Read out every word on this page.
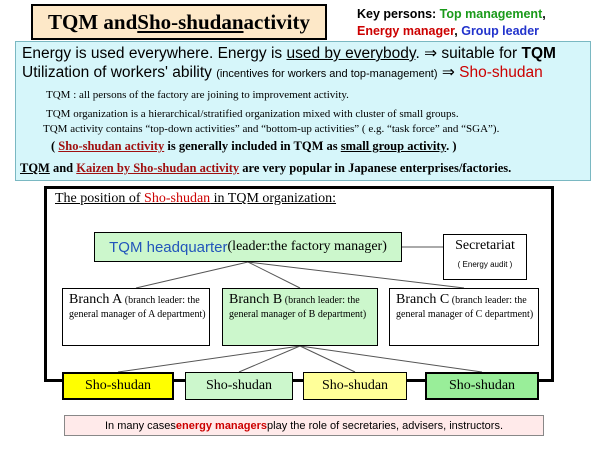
TQM and Sho-shudan activity	Key persons: Top management,
Energy manager, Group leader
Energy is used everywhere. Energy is used by everybody. ⇒ suitable for TQM
Utilization of workers' ability (incentives for workers and top-management) ⇒ Sho-shudan
TQM : all persons of the factory are joining to improvement activity.
TQM organization is a hierarchical/stratified organization mixed with cluster of small groups.
TQM activity contains “top-down activities” and “bottom-up activities” ( e.g. “task force” and “SGA”).
( Sho-shudan activity is generally included in TQM as small group activity. )
TQM and Kaizen by Sho-shudan activity are very popular in Japanese enterprises/factories.
The position of Sho-shudan in TQM organization:
TQM headquarter (leader:the factory manager)	Secretariat
( Energy audit )
Branch A (branch leader: the general manager of A department)
Branch B (branch leader: the general manager of B department)
Branch C (branch leader: the general manager of C department)
Sho-shudan	Sho-shudan	Sho-shudan	Sho-shudan
In many cases energy managers play the role of secretaries, advisers, instructors.
